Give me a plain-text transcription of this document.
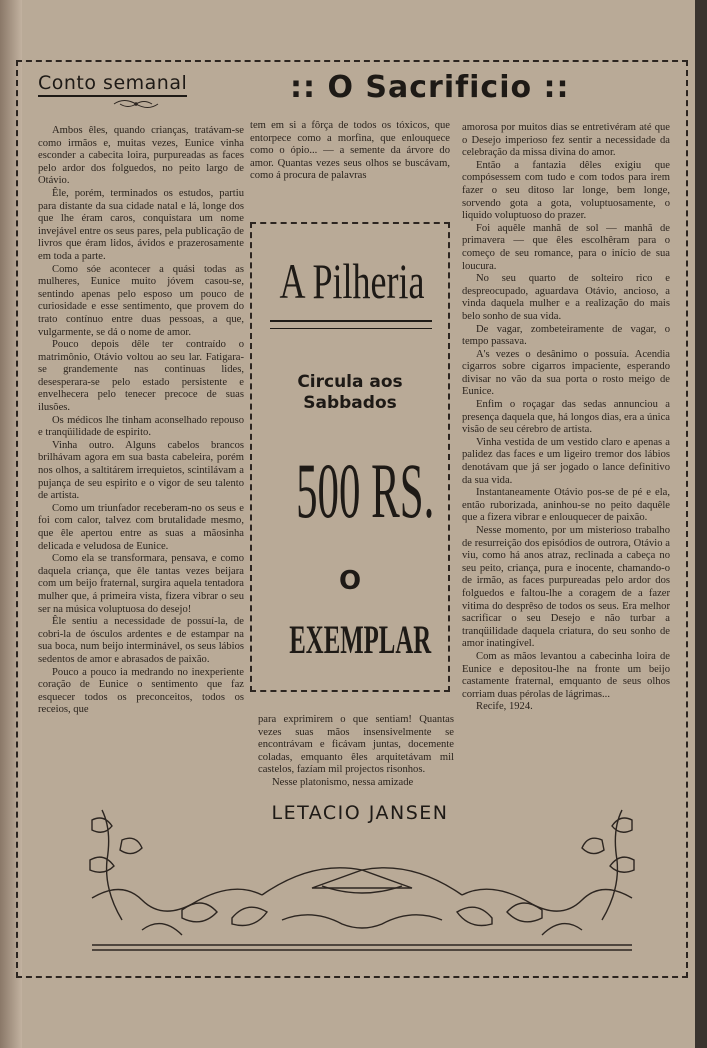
Conto semanal	:: O Sacrificio ::

Ambos êles, quando crianças, tratávam-se como irmãos e, muitas vezes, Eunice vinha esconder a cabecita loira, purpureadas as faces pelo ardor dos folguedos, no peito largo de Otávio.

Êle, porém, terminados os estudos, partiu para distante da sua cidade natal e lá, longe dos que lhe éram caros, conquistara um nome invejável entre os seus pares, pela publicação de livros que éram lidos, ávidos e prazerosamente em toda a parte.

Como sóe acontecer a quási todas as mulheres, Eunice muito jóvem casou-se, sentindo apenas pelo esposo um pouco de curiosidade e esse sentimento, que provem do trato contínuo entre duas pessoas, a que, vulgarmente, se dá o nome de amor.

Pouco depois dêle ter contraído o matrimônio, Otávio voltou ao seu lar. Fatigara-se grandemente nas continuas lides, desesperara-se pelo estado persistente e envelhecera pelo tenecer precoce de suas ilusões.

Os médicos lhe tinham aconselhado repouso e tranqüilidade de espirito.

Vinha outro. Alguns cabelos brancos brilhávam agora em sua basta cabeleira, porém nos olhos, a saltitárem irrequietos, scintilávam a pujança de seu espirito e o vigor de seu talento de artista.

Como um triunfador receberam-no os seus e foi com calor, talvez com brutalidade mesmo, que êle apertou entre as suas a mãosinha delicada e veludosa de Eunice.

Como ela se transformara, pensava, e como daquela criança, que êle tantas vezes beijara com um beijo fraternal, surgira aquela tentadora mulher que, á primeira vista, fizera vibrar o seu ser na música voluptuosa do desejo!

Êle sentiu a necessidade de possuí-la, de cobri-la de ósculos ardentes e de estampar na sua boca, num beijo interminável, os seus lábios sedentos de amor e abrasados de paixão.

Pouco a pouco ia medrando no inexperiente coração de Eunice o sentimento que faz esquecer todos os preconceitos, todos os receios, que

tem em si a fôrça de todos os tóxicos, que entorpece como a morfina, que enlouquece como o ópio... — a semente da árvore do amor. Quantas vezes seus olhos se buscávam, como á procura de palavras

A Pilheria
Circula aos Sabbados
500 RS.
O
EXEMPLAR

para exprimirem o que sentiam! Quantas vezes suas mãos insensivelmente se encontrávam e ficávam juntas, docemente coladas, emquanto êles arquitetávam mil castelos, fazíam mil projectos risonhos.

Nesse platonismo, nessa amizade

amorosa por muitos dias se entretivéram até que o Desejo imperioso fez sentir a necessidade da celebração da missa divina do amor.

Então a fantazia dêles exigiu que compósessem com tudo e com todos para irem fazer o seu ditoso lar longe, bem longe, sorvendo gota a gota, voluptuosamente, o liquido voluptuoso do prazer.

Foi aquêle manhã de sol — manhã de primavera — que êles escolhêram para o começo de seu romance, para o início de sua loucura.

No seu quarto de solteiro rico e despreocupado, aguardava Otávio, ancioso, a vinda daquela mulher e a realização do mais belo sonho de sua vida.

De vagar, zombeteiramente de vagar, o tempo passava.

A's vezes o desânimo o possuía. Acendia cigarros sobre cigarros impaciente, esperando divisar no vão da sua porta o rosto meigo de Eunice.

Enfim o roçagar das sedas annunciou a presença daquela que, há longos dias, era a única visão de seu cérebro de artista.

Vinha vestida de um vestido claro e apenas a palidez das faces e um ligeiro tremor dos lábios denotávam que já ser jogado o lance definitivo da sua vida.

Instantaneamente Otávio pos-se de pé e ela, então ruborizada, aninhou-se no peito daquêle que a fizera vibrar e enlouquecer de paixão.

Nesse momento, por um misterioso trabalho de resurreição dos episódios de outrora, Otávio a viu, como há anos atraz, reclinada a cabeça no seu peito, criança, pura e inocente, chamando-o de irmão, as faces purpureadas pelo ardor dos folguedos e faltou-lhe a coragem de a fazer vitima do desprêso de todos os seus. Era melhor sacrificar o seu Desejo e não turbar a tranqüilidade daquela criatura, do seu sonho de amor inatingível.

Com as mãos levantou a cabecinha loira de Eunice e depositou-lhe na fronte um beijo castamente fraternal, emquanto de seus olhos corriam duas pérolas de lágrimas...

Recife, 1924.

LETACIO JANSEN
